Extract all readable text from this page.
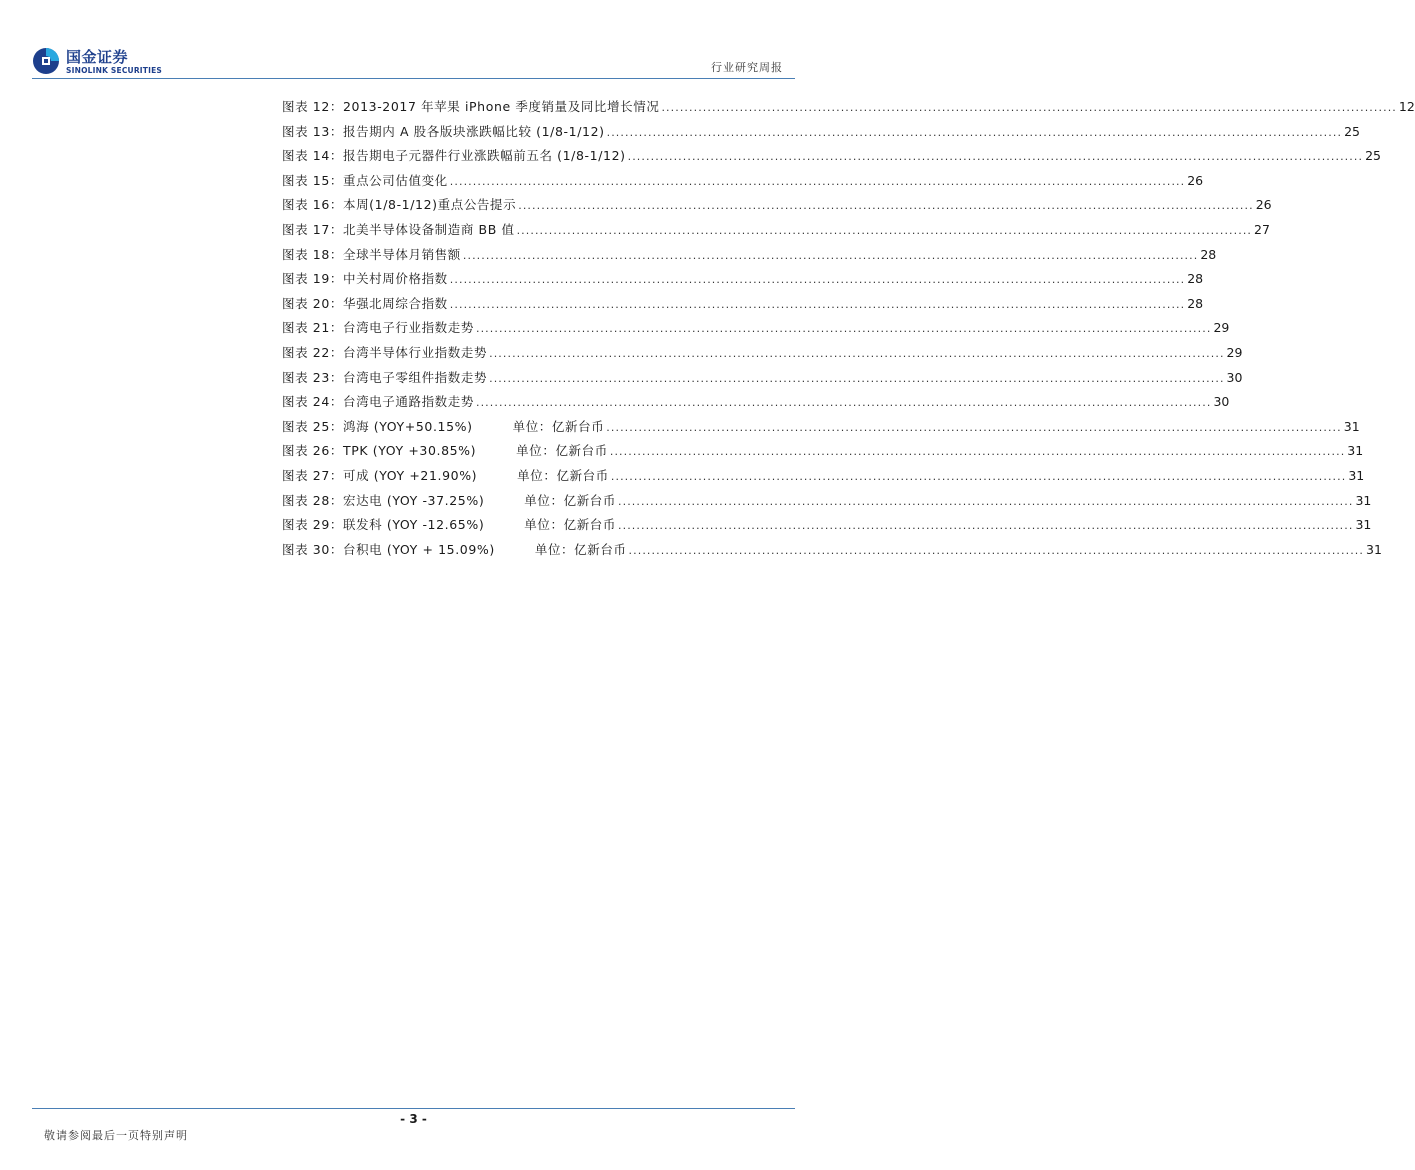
国金证券
SINOLINK SECURITIES	行业研究周报
图表 12：2013-2017 年苹果 iPhone 季度销量及同比增长情况 ................................................................................................................................................................ 12
图表 13：报告期内 A 股各版块涨跌幅比较 (1/8-1/12) ................................................................................................................................................................ 25
图表 14：报告期电子元器件行业涨跌幅前五名 (1/8-1/12) ................................................................................................................................................................ 25
图表 15：重点公司估值变化 ................................................................................................................................................................ 26
图表 16：本周(1/8-1/12)重点公告提示 ................................................................................................................................................................ 26
图表 17：北美半导体设备制造商 BB 值 ................................................................................................................................................................ 27
图表 18：全球半导体月销售额 ................................................................................................................................................................ 28
图表 19：中关村周价格指数 ................................................................................................................................................................ 28
图表 20：华强北周综合指数 ................................................................................................................................................................ 28
图表 21：台湾电子行业指数走势 ................................................................................................................................................................ 29
图表 22：台湾半导体行业指数走势 ................................................................................................................................................................ 29
图表 23：台湾电子零组件指数走势 ................................................................................................................................................................ 30
图表 24：台湾电子通路指数走势 ................................................................................................................................................................ 30
图表 25：鸿海 (YOY+50.15%)	单位：亿新台币 ................................................................................................................................................................ 31
图表 26：TPK (YOY +30.85%)	单位：亿新台币 ................................................................................................................................................................ 31
图表 27：可成 (YOY +21.90%)	单位：亿新台币 ................................................................................................................................................................ 31
图表 28：宏达电 (YOY -37.25%)	单位：亿新台币 ................................................................................................................................................................ 31
图表 29：联发科 (YOY -12.65%)	单位：亿新台币 ................................................................................................................................................................ 31
图表 30：台积电 (YOY + 15.09%)	单位：亿新台币 ................................................................................................................................................................ 31
- 3 -
敬请参阅最后一页特别声明
